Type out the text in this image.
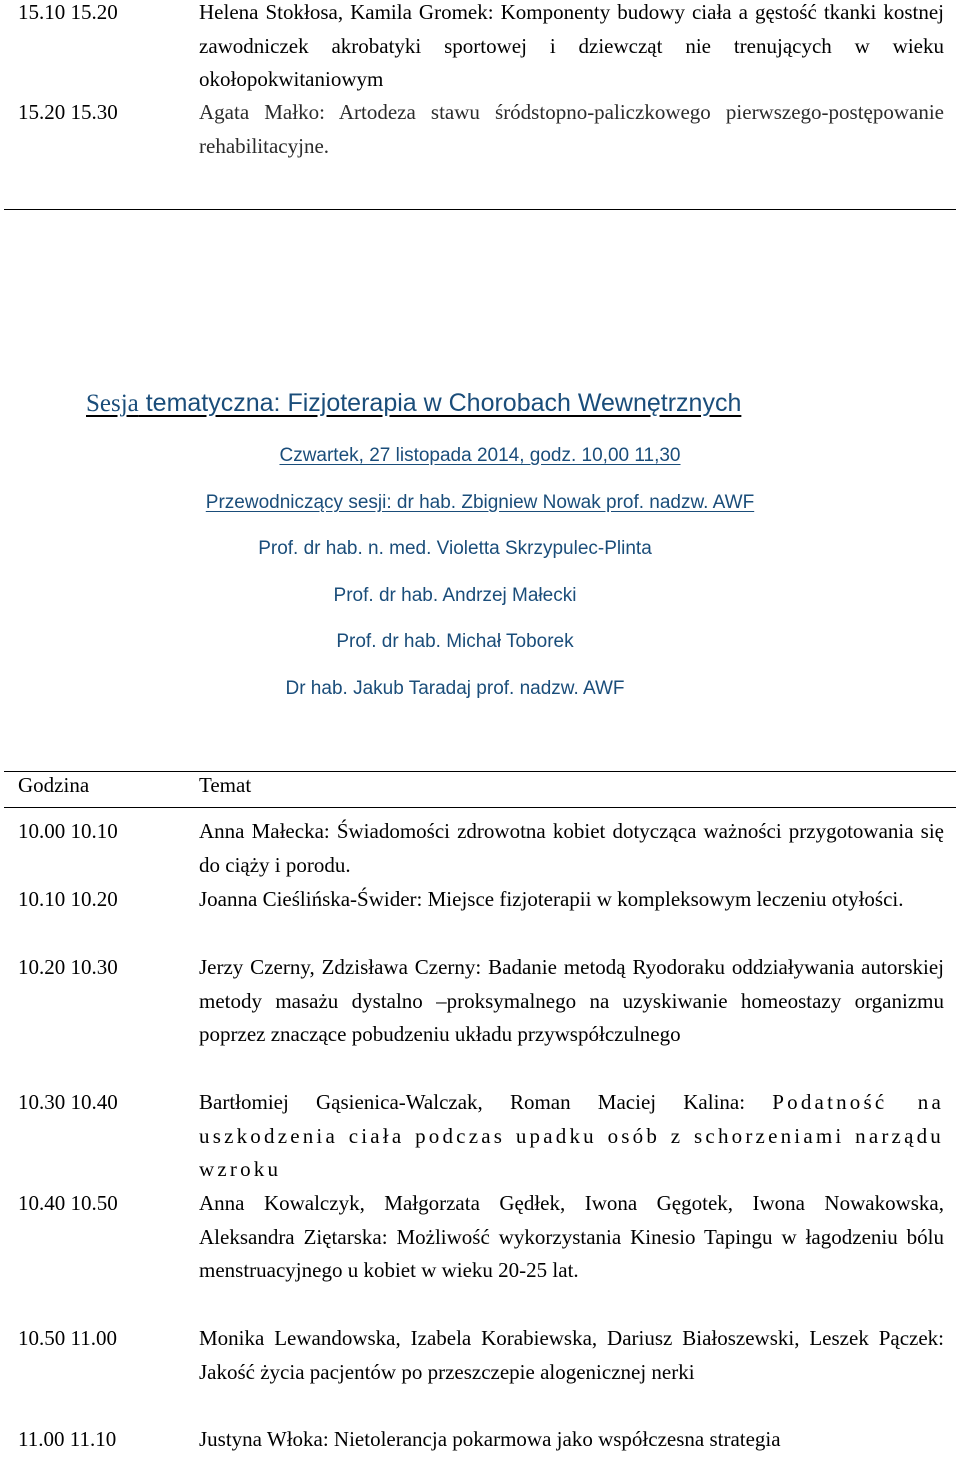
15.10 15.20	Helena Stokłosa, Kamila Gromek: Komponenty budowy ciała a gęstość tkanki kostnej zawodniczek akrobatyki sportowej i dziewcząt nie trenujących w wieku okołopokwitaniowym
15.20 15.30	Agata Małko: Artodeza stawu śródstopno-paliczkowego pierwszego-postępowanie rehabilitacyjne.
Sesja tematyczna: Fizjoterapia w Chorobach Wewnętrznych
Czwartek, 27 listopada 2014, godz. 10,00 11,30
Przewodniczący sesji: dr hab. Zbigniew Nowak prof. nadzw. AWF
Prof. dr hab. n. med. Violetta Skrzypulec-Plinta
Prof. dr hab. Andrzej Małecki
Prof. dr hab. Michał Toborek
Dr hab. Jakub Taradaj prof. nadzw. AWF
Godzina	Temat
10.00 10.10	Anna Małecka: Świadomości zdrowotna kobiet dotycząca ważności przygotowania się do ciąży i porodu.
10.10 10.20	Joanna Cieślińska-Świder: Miejsce fizjoterapii w kompleksowym leczeniu otyłości.
10.20 10.30	Jerzy Czerny, Zdzisława Czerny: Badanie metodą Ryodoraku oddziaływania autorskiej metody masażu dystalno –proksymalnego na uzyskiwanie homeostazy organizmu poprzez znaczące pobudzeniu układu przywspółczulnego
10.30 10.40	Bartłomiej Gąsienica-Walczak, Roman Maciej Kalina: Podatność na uszkodzenia ciała podczas upadku osób z schorzeniami narządu wzroku
10.40 10.50	Anna Kowalczyk, Małgorzata Gędłek, Iwona Gęgotek, Iwona Nowakowska, Aleksandra Ziętarska: Możliwość wykorzystania Kinesio Tapingu w łagodzeniu bólu menstruacyjnego u kobiet w wieku 20-25 lat.
10.50 11.00	Monika Lewandowska, Izabela Korabiewska, Dariusz Białoszewski, Leszek Pączek: Jakość życia pacjentów po przeszczepie alogenicznej nerki
11.00 11.10	Justyna Włoka: Nietolerancja pokarmowa jako współczesna strategia
